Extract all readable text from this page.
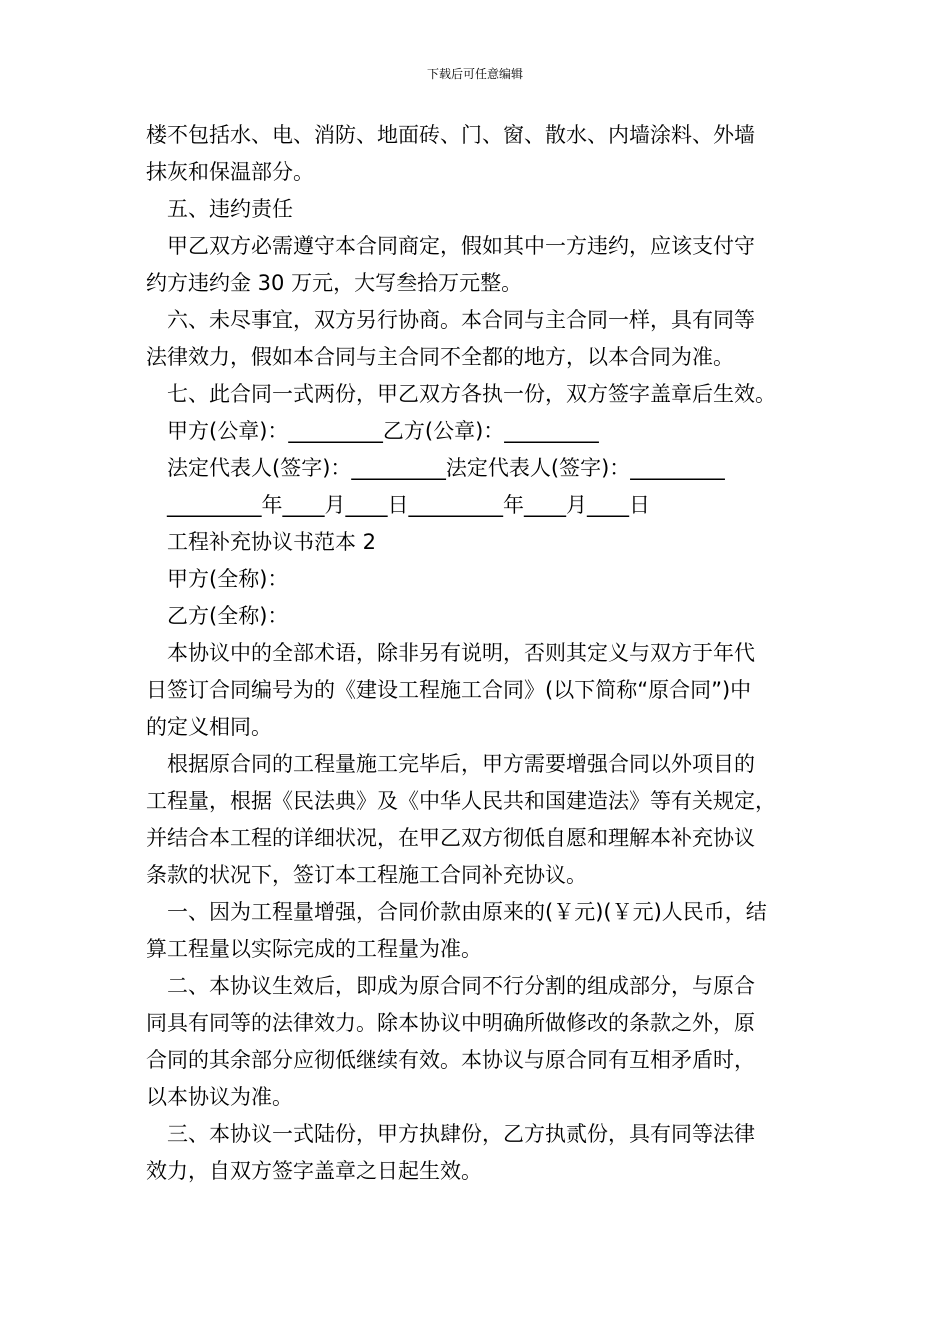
下载后可任意编辑
楼不包括水、电、消防、地面砖、门、窗、散水、内墙涂料、外墙
抹灰和保温部分。
五、违约责任
甲乙双方必需遵守本合同商定，假如其中一方违约，应该支付守
约方违约金 30 万元，大写叁拾万元整。
六、未尽事宜，双方另行协商。本合同与主合同一样，具有同等
法律效力，假如本合同与主合同不全都的地方，以本合同为准。
七、此合同一式两份，甲乙双方各执一份，双方签字盖章后生效。
甲方(公章)：_________乙方(公章)：_________
法定代表人(签字)：_________法定代表人(签字)：_________
_________年____月____日_________年____月____日
工程补充协议书范本 2
甲方(全称)：
乙方(全称)：
本协议中的全部术语，除非另有说明，否则其定义与双方于年代
日签订合同编号为的《建设工程施工合同》(以下简称“原合同”)中
的定义相同。
根据原合同的工程量施工完毕后，甲方需要增强合同以外项目的
工程量，根据《民法典》及《中华人民共和国建造法》等有关规定，
并结合本工程的详细状况，在甲乙双方彻低自愿和理解本补充协议
条款的状况下，签订本工程施工合同补充协议。
一、因为工程量增强，合同价款由原来的(￥元)(￥元)人民币，结
算工程量以实际完成的工程量为准。
二、本协议生效后，即成为原合同不行分割的组成部分，与原合
同具有同等的法律效力。除本协议中明确所做修改的条款之外，原
合同的其余部分应彻低继续有效。本协议与原合同有互相矛盾时，
以本协议为准。
三、本协议一式陆份，甲方执肆份，乙方执贰份，具有同等法律
效力，自双方签字盖章之日起生效。
